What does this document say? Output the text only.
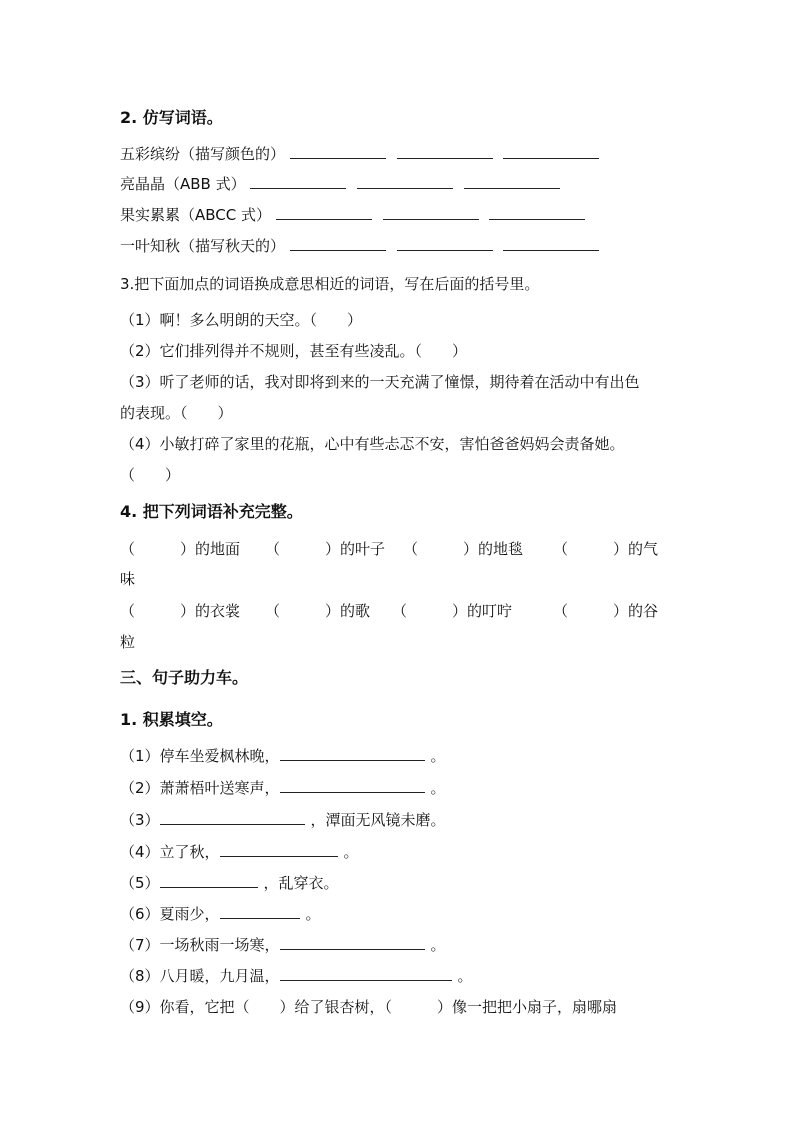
2. 仿写词语。
五彩缤纷（描写颜色的）
亮晶晶（ABB 式）
果实累累（ABCC 式）
一叶知秋（描写秋天的）
3.把下面加点的词语换成意思相近的词语，写在后面的括号里。
（1）啊！多么明朗的天空。（　　）
（2）它们排列得并不规则，甚至有些凌乱。（　　）
（3）听了老师的话，我对即将到来的一天充满了憧憬，期待着在活动中有出色
的表现。（　　）
（4）小敏打碎了家里的花瓶，心中有些忐忑不安，害怕爸爸妈妈会责备她。
（　　）
4. 把下列词语补充完整。
（　　　）的地面 （　　　）的叶子 （　　　）的地毯 （　　　）的气
味
（　　　）的衣裳 （　　　）的歌 （　　　）的叮咛	（　　　）的谷
粒
三、句子助力车。
1. 积累填空。
（1）停车坐爱枫林晚，	。
（2）萧萧梧叶送寒声，	。
（3）	，潭面无风镜未磨。
（4）立了秋，	。
（5）	，乱穿衣。
（6）夏雨少，	。
（7）一场秋雨一场寒，	。
（8）八月暖，九月温，	。
（9）你看，它把（　　）给了银杏树，（　　　）像一把把小扇子，扇哪扇
